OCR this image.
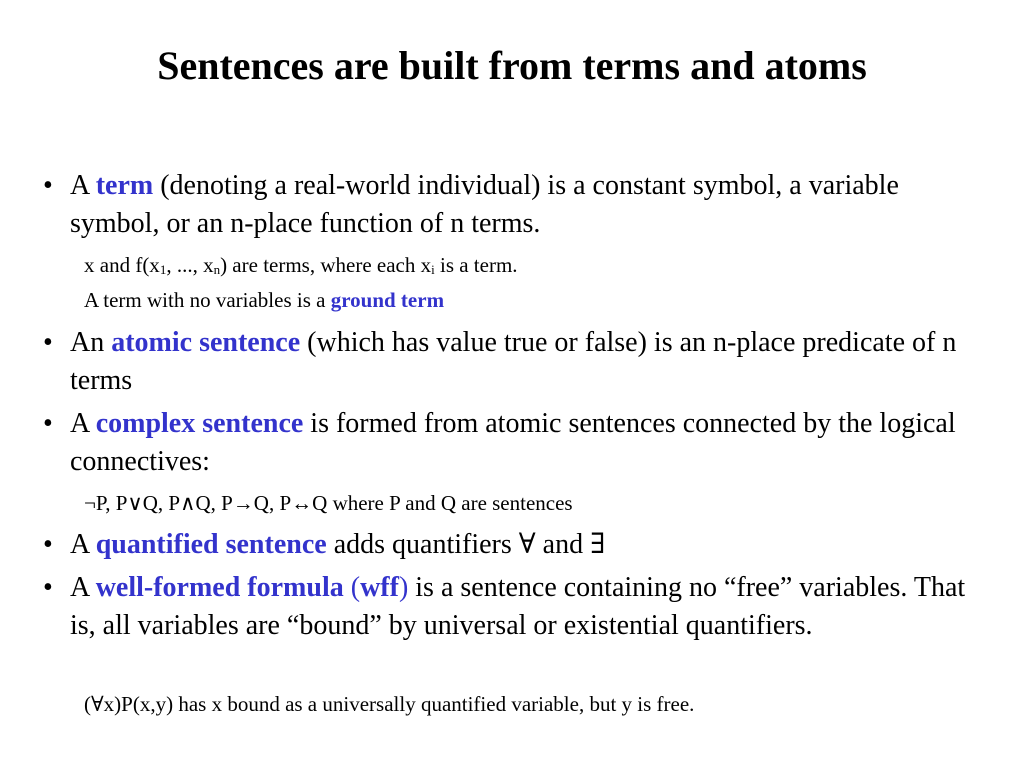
Sentences are built from terms and atoms
• A term (denoting a real-world individual) is a constant symbol, a variable symbol, or an n-place function of n terms.
x and $f(x_1$, ..., $x_n$) are terms, where each $x_i$ is a term.
A term with no variables is a ground term
• An atomic sentence (which has value true or false) is an n-place predicate of n terms
• A complex sentence is formed from atomic sentences connected by the logical connectives:
¬P, P∨Q, P∧Q, P→Q, P↔Q where P and Q are sentences
• A quantified sentence adds quantifiers ∀ and ∃
• A well-formed formula (wff) is a sentence containing no “free” variables. That is, all variables are “bound” by universal or existential quantifiers.
(∀x)P(x,y) has x bound as a universally quantified variable, but y is free.
